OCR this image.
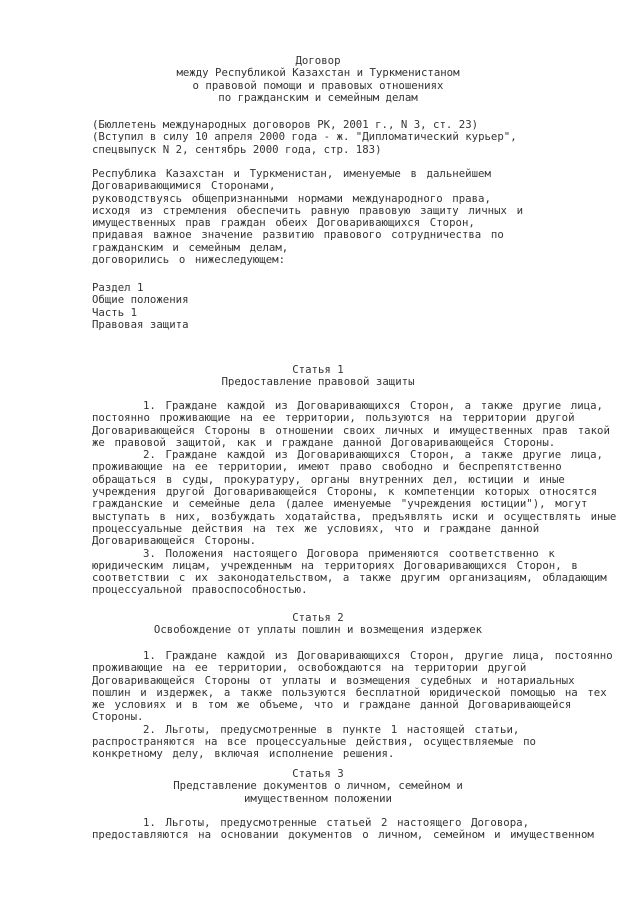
Договор
между Республикой Казахстан и Туркменистаном
о правовой помощи и правовых отношениях
по гражданским и семейным делам
(Бюллетень международных договоров РК, 2001 г., N 3, ст. 23)
(Вступил в силу 10 апреля 2000 года - ж. "Дипломатический курьер",
спецвыпуск N 2, сентябрь 2000 года, стр. 183)
Республика Казахстан и Туркменистан, именуемые в дальнейшем
Договаривающимися Сторонами,
руководствуясь общепризнанными нормами международного права,
исходя из стремления обеспечить равную правовую защиту личных и
имущественных прав граждан обеих Договаривающихся Сторон,
придавая важное значение развитию правового сотрудничества по
гражданским и семейным делам,
договорились о нижеследующем:
Раздел 1
Общие положения
Часть 1
Правовая защита
Статья 1
Предоставление правовой защиты
1. Граждане каждой из Договаривающихся Сторон, а также другие лица,
постоянно проживающие на ее территории, пользуются на территории другой
Договаривающейся Стороны в отношении своих личных и имущественных прав такой
же правовой защитой, как и граждане данной Договаривающейся Стороны.
2. Граждане каждой из Договаривающихся Сторон, а также другие лица,
проживающие на ее территории, имеют право свободно и беспрепятственно
обращаться в суды, прокуратуру, органы внутренних дел, юстиции и иные
учреждения другой Договаривающейся Стороны, к компетенции которых относятся
гражданские и семейные дела (далее именуемые "учреждения юстиции"), могут
выступать в них, возбуждать ходатайства, предъявлять иски и осуществлять иные
процессуальные действия на тех же условиях, что и граждане данной
Договаривающейся Стороны.
3. Положения настоящего Договора применяются соответственно к
юридическим лицам, учрежденным на территориях Договаривающихся Сторон, в
соответствии с их законодательством, а также другим организациям, обладающим
процессуальной правоспособностью.
Статья 2
Освобождение от уплаты пошлин и возмещения издержек
1. Граждане каждой из Договаривающихся Сторон, другие лица, постоянно
проживающие на ее территории, освобождаются на территории другой
Договаривающейся Стороны от уплаты и возмещения судебных и нотариальных
пошлин и издержек, а также пользуются бесплатной юридической помощью на тех
же условиях и в том же объеме, что и граждане данной Договаривающейся
Стороны.
2. Льготы, предусмотренные в пункте 1 настоящей статьи,
распространяются на все процессуальные действия, осуществляемые по
конкретному делу, включая исполнение решения.
Статья 3
Представление документов о личном, семейном и
имущественном положении
1. Льготы, предусмотренные статьей 2 настоящего Договора,
предоставляются на основании документов о личном, семейном и имущественном
